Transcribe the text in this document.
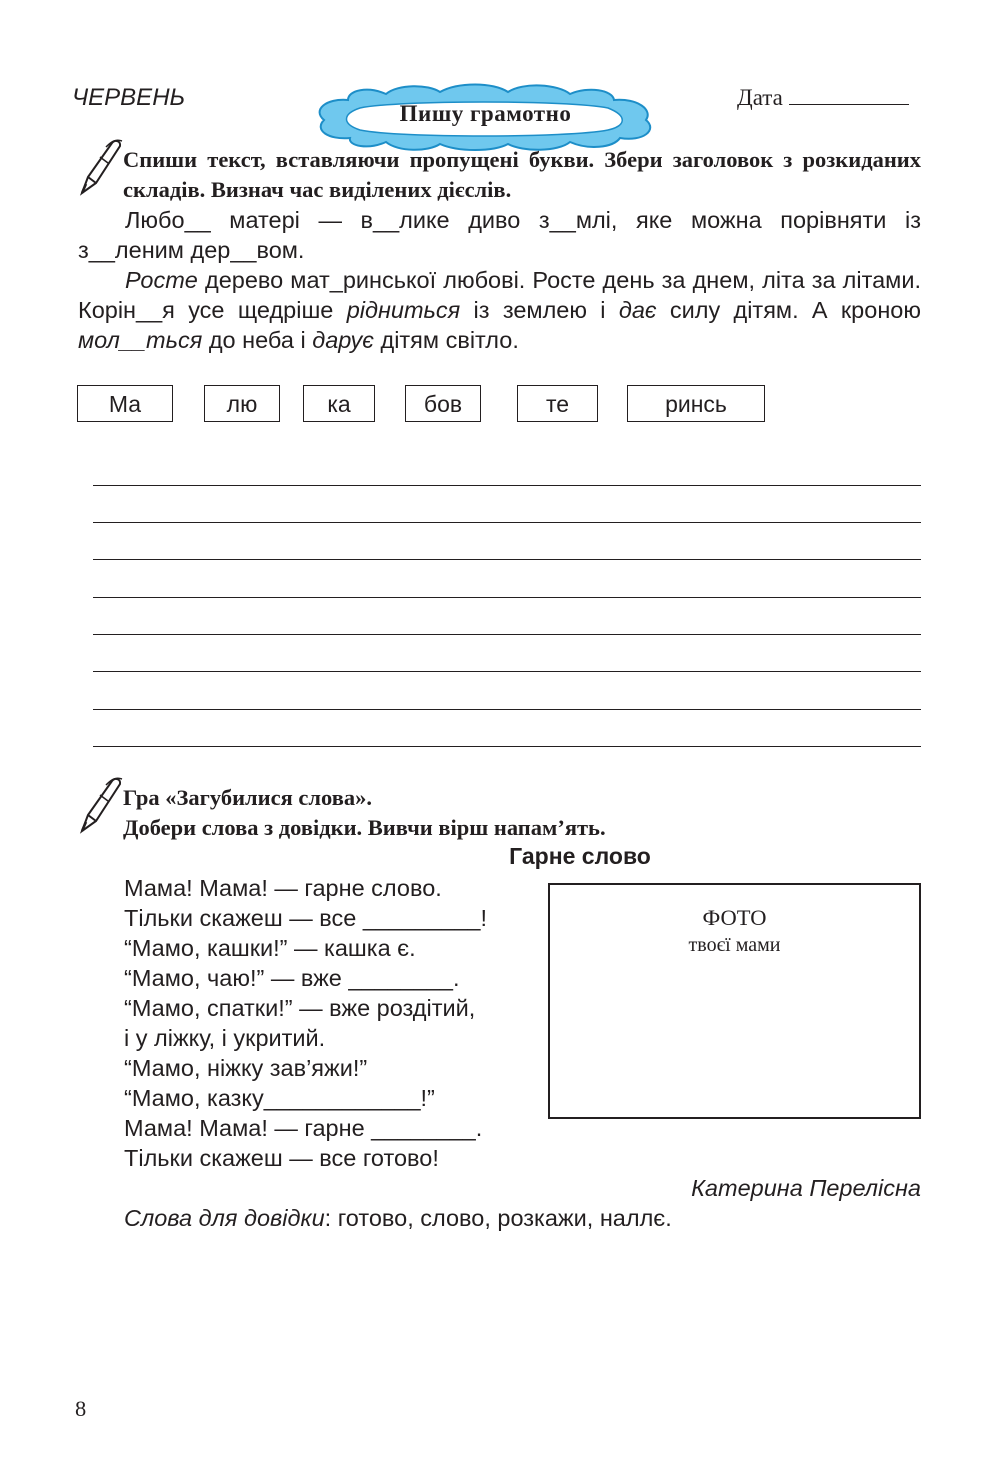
ЧЕРВЕНЬ	Дата
Пишу грамотно
Спиши текст, вставляючи пропущені букви. Збери заголовок з розкиданих складів. Визнач час виділених дієслів.
Любо__ матері — в__лике диво з__млі, яке можна порівняти із з__леним дер__вом.
Росте дерево мат_ринської любові. Росте день за днем, літа за літами. Корін__я усе щедріше рідниться із землею і дає силу дітям. А кроною мол__ться до неба і дарує дітям світло.
Ма	лю	ка	бов	те	ринсь
Гра «Загубилися слова».
Добери слова з довідки. Вивчи вірш напам’ять.
Гарне слово
Мама! Мама! — гарне слово.
Тільки скажеш — все _________!
“Мамо, кашки!” — кашка є.
“Мамо, чаю!” — вже ________.
“Мамо, спатки!” — вже роздітий,
і у ліжку, і укритий.
“Мамо, ніжку зав’яжи!”
“Мамо, казку____________!”
Мама! Мама! — гарне ________.
Тільки скажеш — все готово!
ФОТО
твоєї мами
Катерина Перелісна
Слова для довідки: готово, слово, розкажи, наллє.
8
